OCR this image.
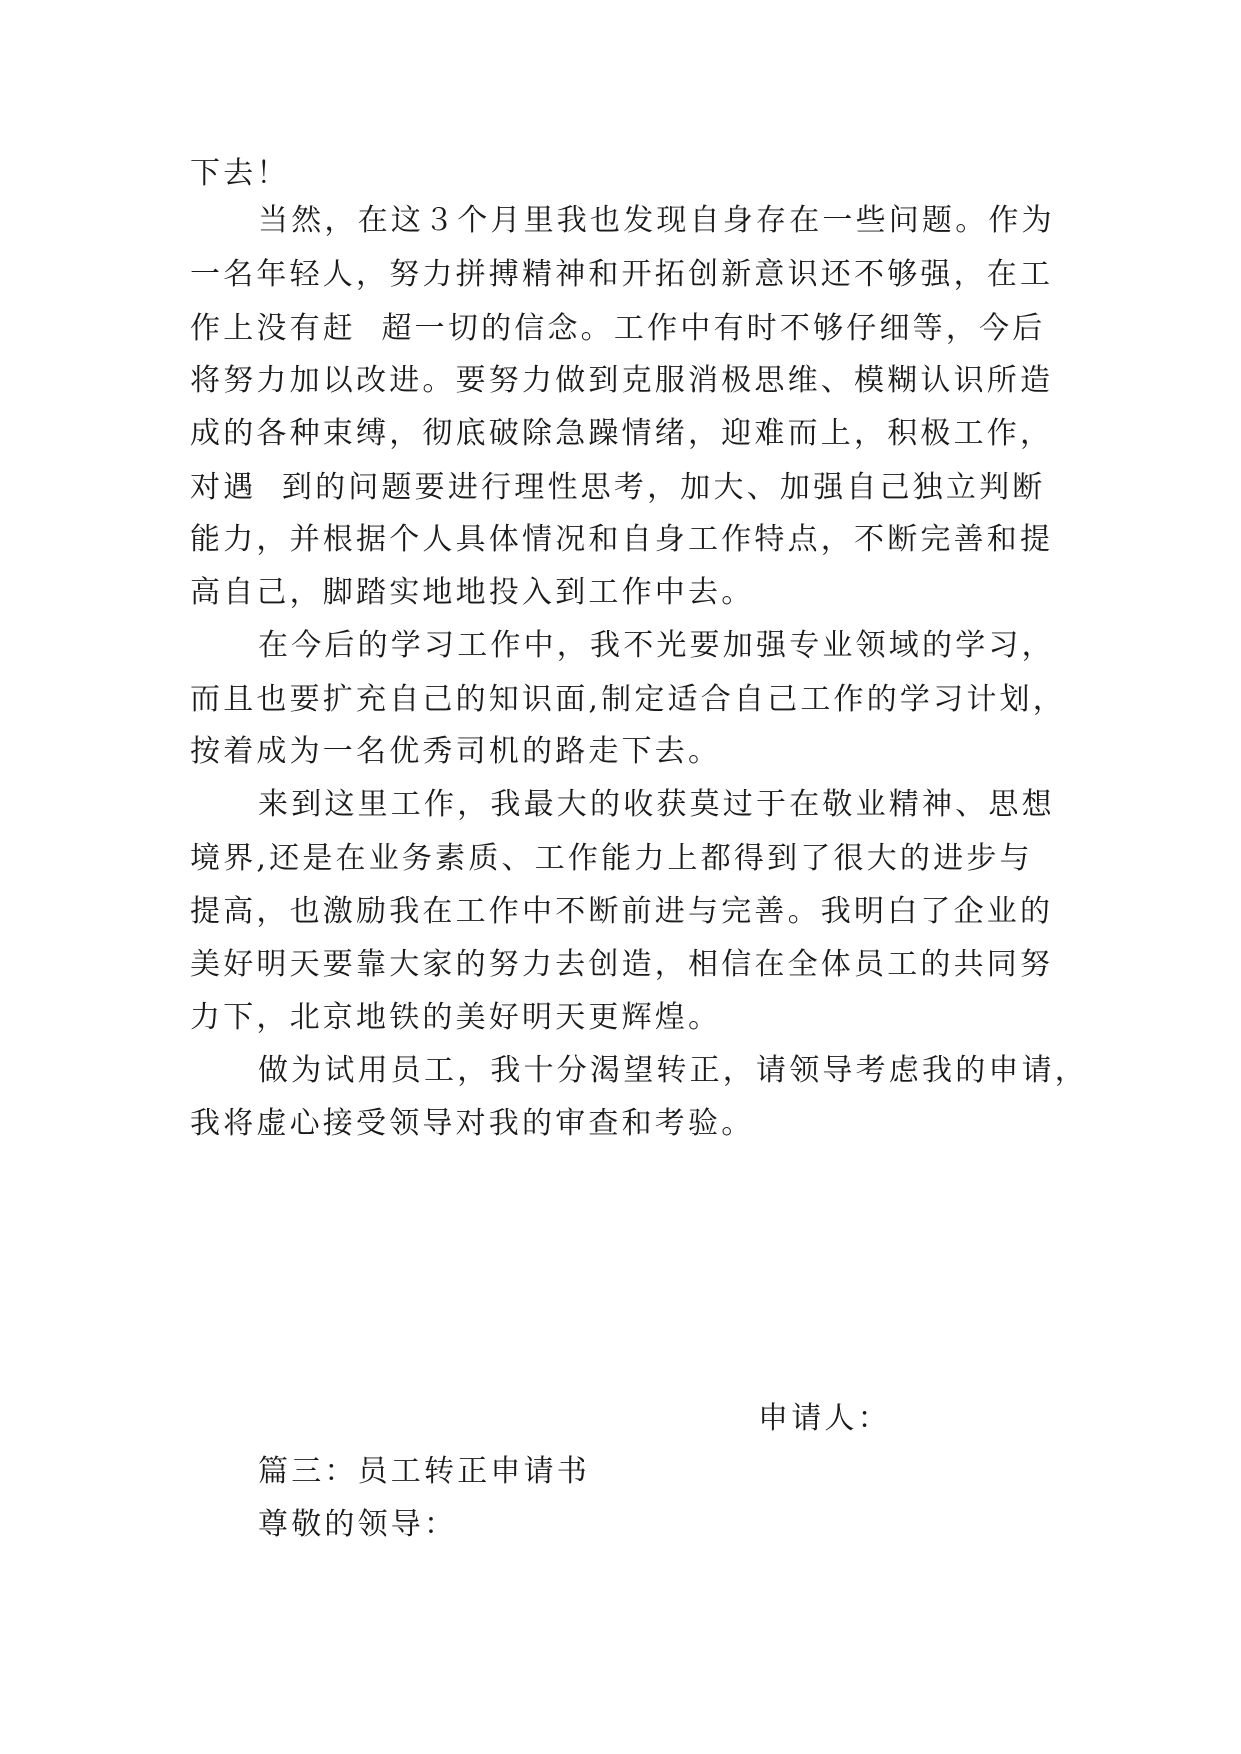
下去！
当然，在这３个月里我也发现自身存在一些问题。作为
一名年轻人，努力拼搏精神和开拓创新意识还不够强，在工
作上没有赶  超一切的信念。工作中有时不够仔细等，今后
将努力加以改进。要努力做到克服消极思维、模糊认识所造
成的各种束缚，彻底破除急躁情绪，迎难而上，积极工作，
对遇  到的问题要进行理性思考，加大、加强自己独立判断
能力，并根据个人具体情况和自身工作特点，不断完善和提
高自己，脚踏实地地投入到工作中去。
在今后的学习工作中，我不光要加强专业领域的学习，
而且也要扩充自己的知识面,制定适合自己工作的学习计划，
按着成为一名优秀司机的路走下去。
来到这里工作，我最大的收获莫过于在敬业精神、思想
境界,还是在业务素质、工作能力上都得到了很大的进步与
提高，也激励我在工作中不断前进与完善。我明白了企业的
美好明天要靠大家的努力去创造，相信在全体员工的共同努
力下，北京地铁的美好明天更辉煌。
做为试用员工，我十分渴望转正，请领导考虑我的申请，
我将虚心接受领导对我的审查和考验。
申请人：
篇三：员工转正申请书
尊敬的领导：
